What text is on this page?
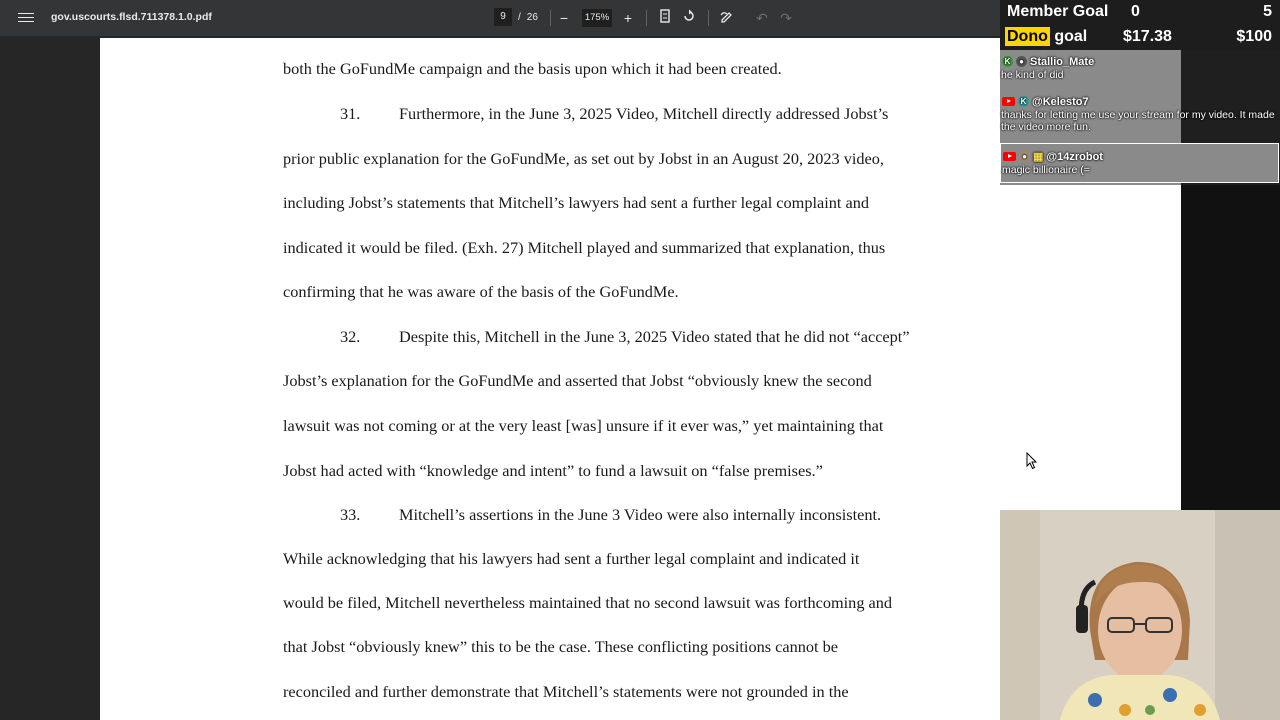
gov.uscourts.flsd.711378.1.0.pdf
9	/ 26	−
175%	+	↶ ↷
both the GoFundMe campaign and the basis upon which it had been created.
31. Furthermore, in the June 3, 2025 Video, Mitchell directly addressed Jobst’s
prior public explanation for the GoFundMe, as set out by Jobst in an August 20, 2023 video,
including Jobst’s statements that Mitchell’s lawyers had sent a further legal complaint and
indicated it would be filed. (Exh. 27) Mitchell played and summarized that explanation, thus
confirming that he was aware of the basis of the GoFundMe.
32. Despite this, Mitchell in the June 3, 2025 Video stated that he did not “accept”
Jobst’s explanation for the GoFundMe and asserted that Jobst “obviously knew the second
lawsuit was not coming or at the very least [was] unsure if it ever was,” yet maintaining that
Jobst had acted with “knowledge and intent” to fund a lawsuit on “false premises.”
33. Mitchell’s assertions in the June 3 Video were also internally inconsistent.
While acknowledging that his lawyers had sent a further legal complaint and indicated it
would be filed, Mitchell nevertheless maintained that no second lawsuit was forthcoming and
that Jobst “obviously knew” this to be the case. These conflicting positions cannot be
reconciled and further demonstrate that Mitchell’s statements were not grounded in the
Member Goal 0	5
Dono goal $17.38	$100
K	● Stallio_Mate
he kind of did
K @Kelesto7
thanks for letting me use your stream for my video. It made the video more fun.
● ▦ @14zrobot
magic billionaire (=
